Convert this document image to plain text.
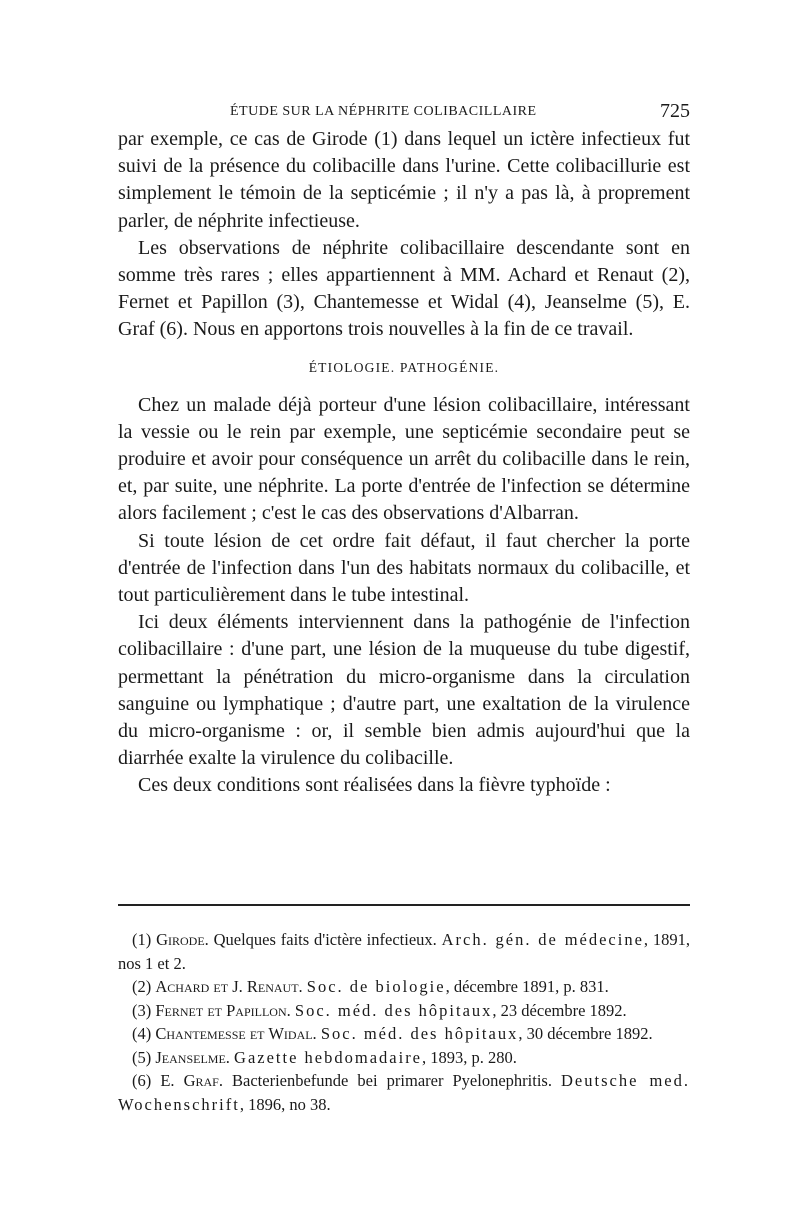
ÉTUDE SUR LA NÉPHRITE COLIBACILLAIRE	725

par exemple, ce cas de Girode (1) dans lequel un ictère infectieux fut suivi de la présence du colibacille dans l'urine. Cette colibacillurie est simplement le témoin de la septicémie ; il n'y a pas là, à proprement parler, de néphrite infectieuse.

Les observations de néphrite colibacillaire descendante sont en somme très rares ; elles appartiennent à MM. Achard et Renaut (2), Fernet et Papillon (3), Chantemesse et Widal (4), Jeanselme (5), E. Graf (6). Nous en apportons trois nouvelles à la fin de ce travail.

ÉTIOLOGIE. PATHOGÉNIE.

Chez un malade déjà porteur d'une lésion colibacillaire, intéressant la vessie ou le rein par exemple, une septicémie secondaire peut se produire et avoir pour conséquence un arrêt du colibacille dans le rein, et, par suite, une néphrite. La porte d'entrée de l'infection se détermine alors facilement ; c'est le cas des observations d'Albarran.

Si toute lésion de cet ordre fait défaut, il faut chercher la porte d'entrée de l'infection dans l'un des habitats normaux du colibacille, et tout particulièrement dans le tube intestinal.

Ici deux éléments interviennent dans la pathogénie de l'infection colibacillaire : d'une part, une lésion de la muqueuse du tube digestif, permettant la pénétration du micro-organisme dans la circulation sanguine ou lymphatique ; d'autre part, une exaltation de la virulence du micro-organisme : or, il semble bien admis aujourd'hui que la diarrhée exalte la virulence du colibacille.

Ces deux conditions sont réalisées dans la fièvre typhoïde :

(1) Girode. Quelques faits d'ictère infectieux. Arch. gén. de médecine, 1891, nos 1 et 2.

(2) Achard et J. Renaut. Soc. de biologie, décembre 1891, p. 831.

(3) Fernet et Papillon. Soc. méd. des hôpitaux, 23 décembre 1892.

(4) Chantemesse et Widal. Soc. méd. des hôpitaux, 30 décembre 1892.

(5) Jeanselme. Gazette hebdomadaire, 1893, p. 280.

(6) E. Graf. Bacterienbefunde bei primarer Pyelonephritis. Deutsche med. Wochenschrift, 1896, no 38.
